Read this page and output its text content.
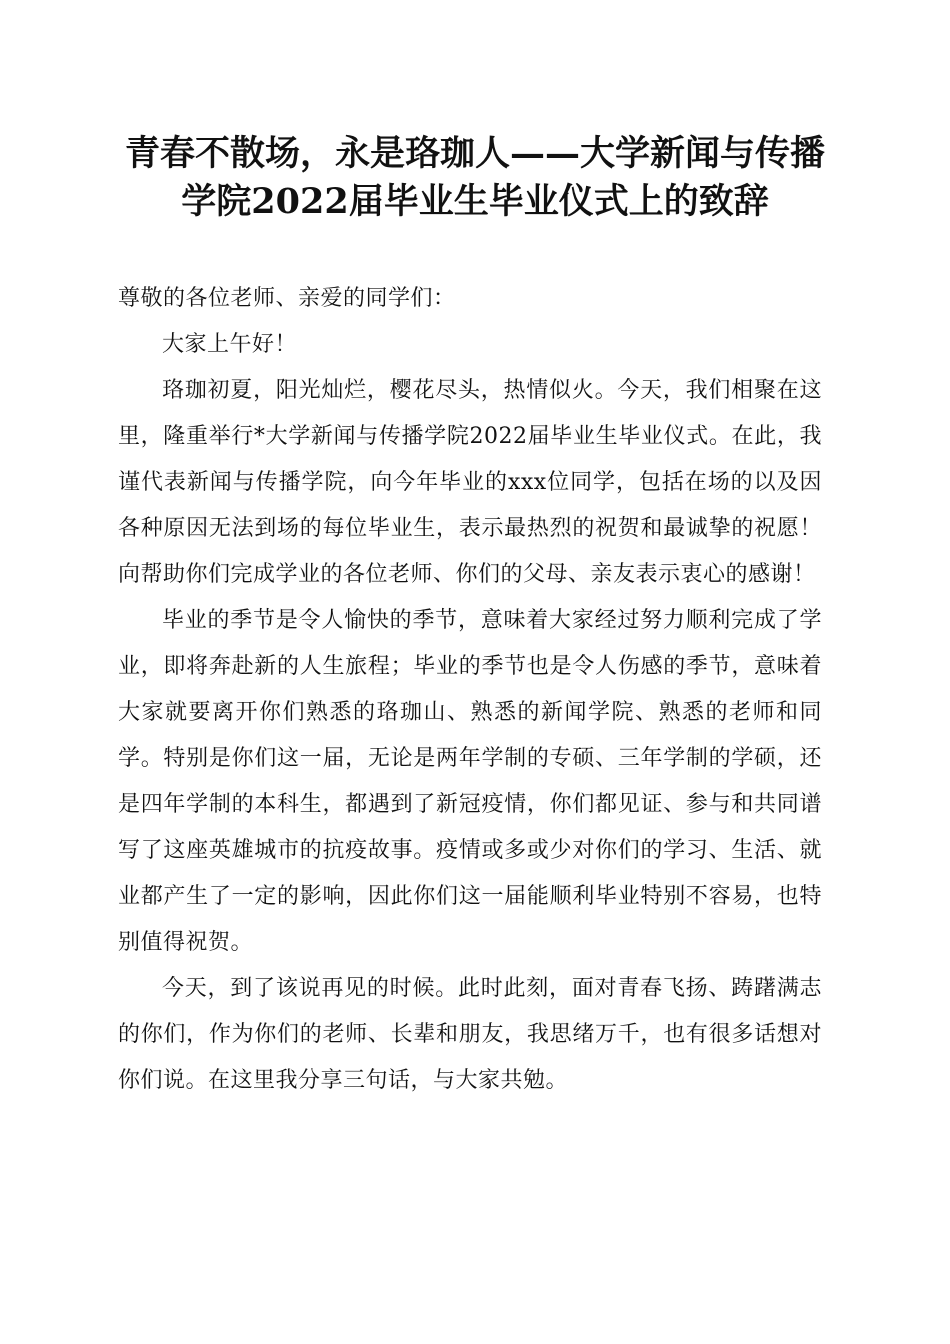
青春不散场，永是珞珈人——大学新闻与传播
学院2022届毕业生毕业仪式上的致辞

尊敬的各位老师、亲爱的同学们：

大家上午好！

珞珈初夏，阳光灿烂，樱花尽头，热情似火。今天，我们相聚在这里，隆重举行*大学新闻与传播学院2022届毕业生毕业仪式。在此，我谨代表新闻与传播学院，向今年毕业的xxx位同学，包括在场的以及因各种原因无法到场的每位毕业生，表示最热烈的祝贺和最诚挚的祝愿！向帮助你们完成学业的各位老师、你们的父母、亲友表示衷心的感谢！

毕业的季节是令人愉快的季节，意味着大家经过努力顺利完成了学业，即将奔赴新的人生旅程；毕业的季节也是令人伤感的季节，意味着大家就要离开你们熟悉的珞珈山、熟悉的新闻学院、熟悉的老师和同学。特别是你们这一届，无论是两年学制的专硕、三年学制的学硕，还是四年学制的本科生，都遇到了新冠疫情，你们都见证、参与和共同谱写了这座英雄城市的抗疫故事。疫情或多或少对你们的学习、生活、就业都产生了一定的影响，因此你们这一届能顺利毕业特别不容易，也特别值得祝贺。

今天，到了该说再见的时候。此时此刻，面对青春飞扬、踌躇满志的你们，作为你们的老师、长辈和朋友，我思绪万千，也有很多话想对你们说。在这里我分享三句话，与大家共勉。
